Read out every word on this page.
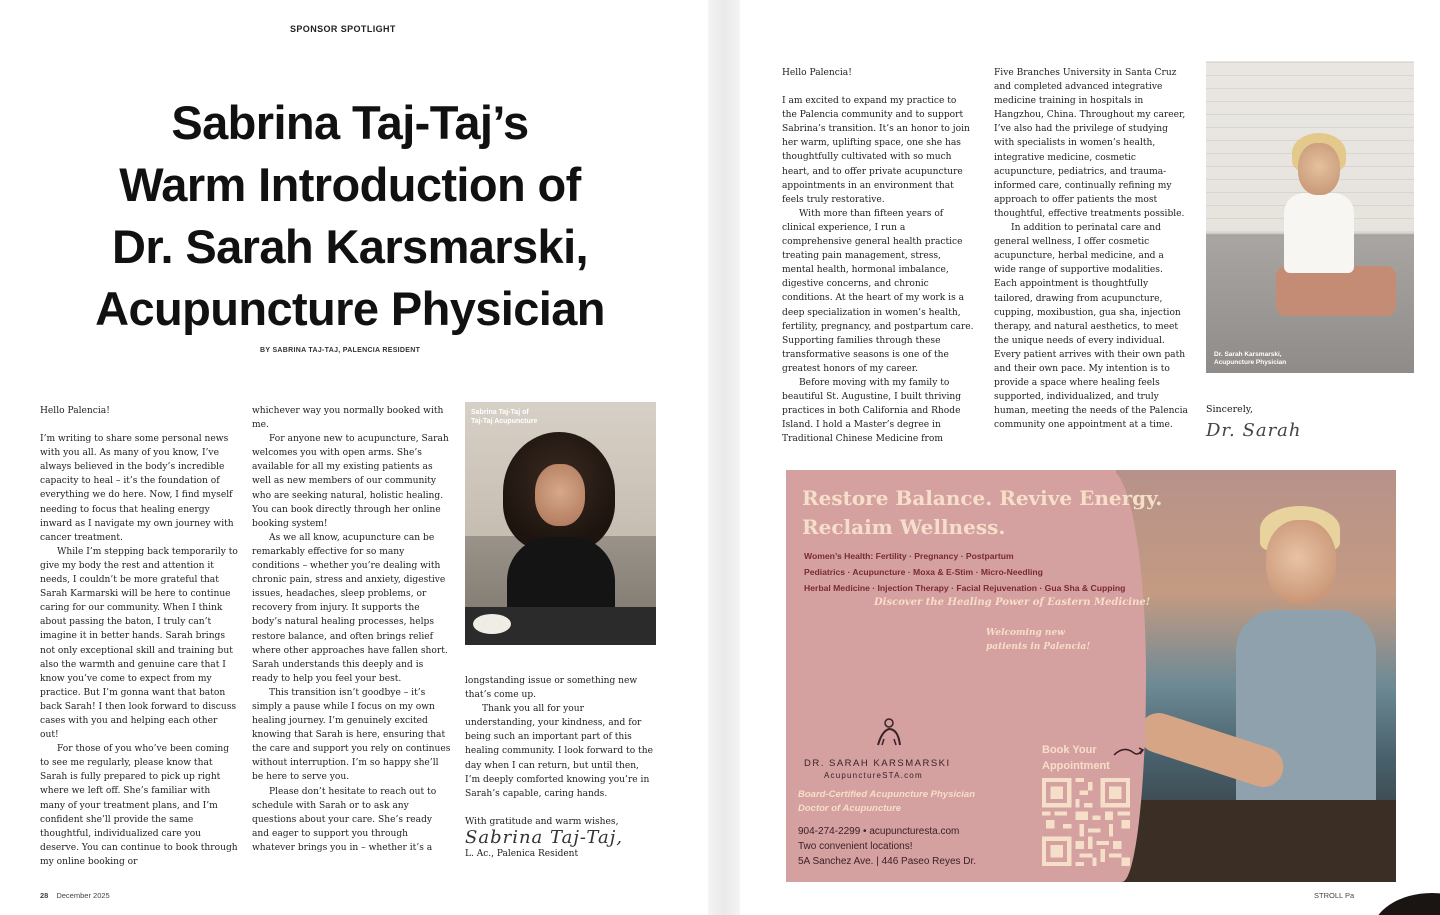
SPONSOR SPOTLIGHT
Sabrina Taj-Taj’s
Warm Introduction of
Dr. Sarah Karsmarski,
Acupuncture Physician
BY SABRINA TAJ-TAJ, PALENCIA RESIDENT

Hello Palencia!

I’m writing to share some personal news with you all. As many of you know, I’ve always believed in the body’s incredible capacity to heal – it’s the foundation of everything we do here. Now, I find myself needing to focus that healing energy inward as I navigate my own journey with cancer treatment.

While I’m stepping back temporarily to give my body the rest and attention it needs, I couldn’t be more grateful that Sarah Karmarski will be here to continue caring for our community. When I think about passing the baton, I truly can’t imagine it in better hands. Sarah brings not only exceptional skill and training but also the warmth and genuine care that I know you’ve come to expect from my practice. But I’m gonna want that baton back Sarah! I then look forward to discuss cases with you and helping each other out!

For those of you who’ve been coming to see me regularly, please know that Sarah is fully prepared to pick up right where we left off. She’s familiar with many of your treatment plans, and I’m confident she’ll provide the same thoughtful, individualized care you deserve. You can continue to book through my online booking or

whichever way you normally booked with me.

For anyone new to acupuncture, Sarah welcomes you with open arms. She’s available for all my existing patients as well as new members of our community who are seeking natural, holistic healing. You can book directly through her online booking system!

As we all know, acupuncture can be remarkably effective for so many conditions – whether you’re dealing with chronic pain, stress and anxiety, digestive issues, headaches, sleep problems, or recovery from injury. It supports the body’s natural healing processes, helps restore balance, and often brings relief where other approaches have fallen short. Sarah understands this deeply and is ready to help you feel your best.

This transition isn’t goodbye – it’s simply a pause while I focus on my own healing journey. I’m genuinely excited knowing that Sarah is here, ensuring that the care and support you rely on continues without interruption. I’m so happy she’ll be here to serve you.

Please don’t hesitate to reach out to schedule with Sarah or to ask any questions about your care. She’s ready and eager to support you through whatever brings you in – whether it’s a

Sabrina Taj-Taj of
Taj-Taj Acupuncture

longstanding issue or something new that’s come up.

Thank you all for your understanding, your kindness, and for being such an important part of this healing community. I look forward to the day when I can return, but until then, I’m deeply comforted knowing you’re in Sarah’s capable, caring hands.

With gratitude and warm wishes,

Sabrina Taj-Taj,
L. Ac., Palenica Resident
28 December 2025

Hello Palencia!

I am excited to expand my practice to the Palencia community and to support Sabrina’s transition. It’s an honor to join her warm, uplifting space, one she has thoughtfully cultivated with so much heart, and to offer private acupuncture appointments in an environment that feels truly restorative.

With more than fifteen years of clinical experience, I run a comprehensive general health practice treating pain management, stress, mental health, hormonal imbalance, digestive concerns, and chronic conditions. At the heart of my work is a deep specialization in women’s health, fertility, pregnancy, and postpartum care. Supporting families through these transformative seasons is one of the greatest honors of my career.

Before moving with my family to beautiful St. Augustine, I built thriving practices in both California and Rhode Island. I hold a Master’s degree in Traditional Chinese Medicine from

Five Branches University in Santa Cruz and completed advanced integrative medicine training in hospitals in Hangzhou, China. Throughout my career, I’ve also had the privilege of studying with specialists in women’s health, integrative medicine, cosmetic acupuncture, pediatrics, and trauma-informed care, continually refining my approach to offer patients the most thoughtful, effective treatments possible.

In addition to perinatal care and general wellness, I offer cosmetic acupuncture, herbal medicine, and a wide range of supportive modalities. Each appointment is thoughtfully tailored, drawing from acupuncture, cupping, moxibustion, gua sha, injection therapy, and natural aesthetics, to meet the unique needs of every individual. Every patient arrives with their own path and their own pace. My intention is to provide a space where healing feels supported, individualized, and truly human, meeting the needs of the Palencia community one appointment at a time.

Dr. Sarah Karsmarski,
Acupuncture Physician
Sincerely,
Dr. Sarah
Restore Balance. Revive Energy.
Reclaim Wellness.
Women’s Health: Fertility · Pregnancy · Postpartum
Pediatrics · Acupuncture · Moxa & E-Stim · Micro-Needling
Herbal Medicine · Injection Therapy · Facial Rejuvenation · Gua Sha & Cupping
Discover the Healing Power of Eastern Medicine!
Welcoming new
patients in Palencia!
DR. SARAH KARSMARSKI
AcupunctureSTA.com
Board-Certified Acupuncture Physician
Doctor of Acupuncture
904-274-2299 • acupuncturesta.com
Two convenient locations!
5A Sanchez Ave. | 446 Paseo Reyes Dr.
Book Your
Appointment
STROLL Pa
